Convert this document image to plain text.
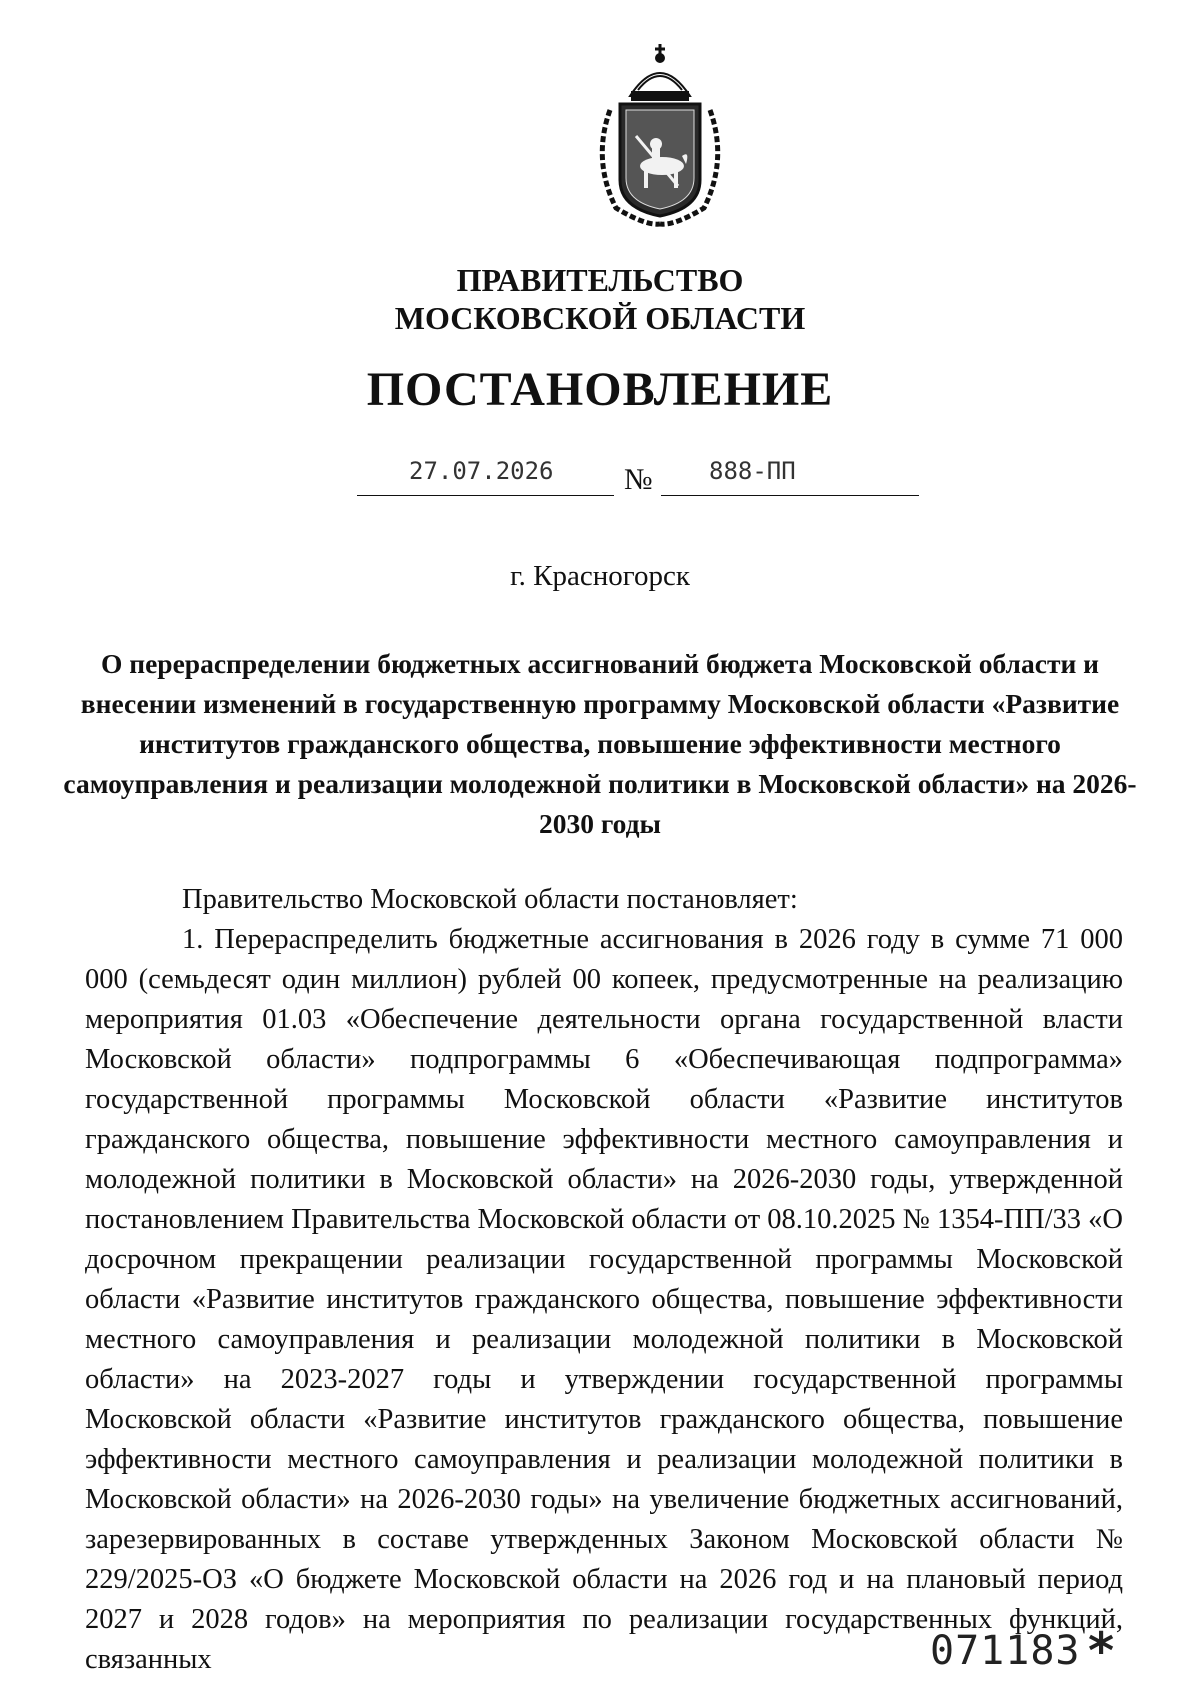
ПРАВИТЕЛЬСТВО
МОСКОВСКОЙ ОБЛАСТИ
ПОСТАНОВЛЕНИЕ
27.07.2026 № 888-ПП
г. Красногорск
О перераспределении бюджетных ассигнований бюджета Московской области и внесении изменений в государственную программу Московской области «Развитие институтов гражданского общества, повышение эффективности местного самоуправления и реализации молодежной политики в Московской области» на 2026-2030 годы

Правительство Московской области постановляет:

1. Перераспределить бюджетные ассигнования в 2026 году в сумме 71 000 000 (семьдесят один миллион) рублей 00 копеек, предусмотренные на реализацию мероприятия 01.03 «Обеспечение деятельности органа государственной власти Московской области» подпрограммы 6 «Обеспечивающая подпрограмма» государственной программы Московской области «Развитие институтов гражданского общества, повышение эффективности местного самоуправления и молодежной политики в Московской области» на 2026-2030 годы, утвержденной постановлением Правительства Московской области от 08.10.2025 № 1354-ПП/33 «О досрочном прекращении реализации государственной программы Московской области «Развитие институтов гражданского общества, повышение эффективности местного самоуправления и реализации молодежной политики в Московской области» на 2023-2027 годы и утверждении государственной программы Московской области «Развитие институтов гражданского общества, повышение эффективности местного самоуправления и реализации молодежной политики в Московской области» на 2026-2030 годы» на увеличение бюджетных ассигнований, зарезервированных в составе утвержденных Законом Московской области № 229/2025-ОЗ «О бюджете Московской области на 2026 год и на плановый период 2027 и 2028 годов» на мероприятия по реализации государственных функций, связанных	071183 *
